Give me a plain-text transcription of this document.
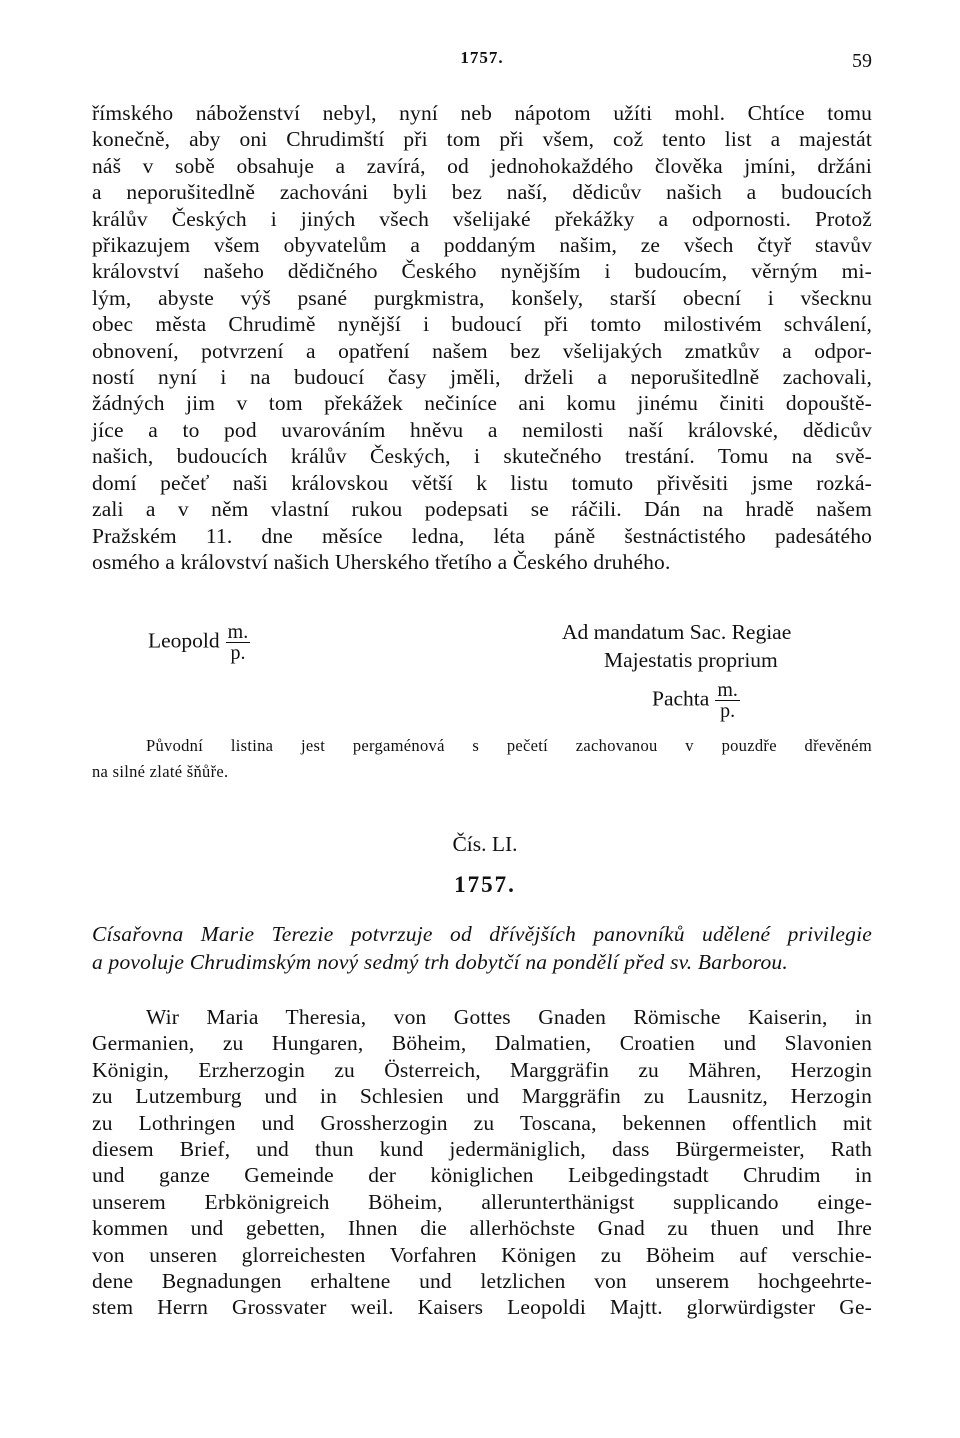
1757.	59
římského náboženství nebyl, nyní neb nápotom užíti mohl. Chtíce tomu
konečně, aby oni Chrudimští při tom při všem, což tento list a majestát
náš v sobě obsahuje a zavírá, od jednohokaždého člověka jmíni, držáni
a neporušitedlně zachováni byli bez naší, dědicův našich a budoucích
králův Českých i jiných všech všelijaké překážky a odpornosti. Protož
přikazujem všem obyvatelům a poddaným našim, ze všech čtyř stavův
království našeho dědičného Českého nynějším i budoucím, věrným mi-
lým, abyste výš psané purgkmistra, konšely, starší obecní i všecknu
obec města Chrudimě nynější i budoucí při tomto milostivém schválení,
obnovení, potvrzení a opatření našem bez všelijakých zmatkův a odpor-
ností nyní i na budoucí časy jměli, drželi a neporušitedlně zachovali,
žádných jim v tom překážek nečiníce ani komu jinému činiti dopouště-
jíce a to pod uvarováním hněvu a nemilosti naší královské, dědicův
našich, budoucích králův Českých, i skutečného trestání. Tomu na svě-
domí pečeť naši královskou větší k listu tomuto přivěsiti jsme rozká-
zali a v něm vlastní rukou podepsati se ráčili. Dán na hradě našem
Pražském 11. dne měsíce ledna, léta páně šestnáctistého padesátého
osmého a království našich Uherského třetího a Českého druhého.
Leopold $\frac{m.}{p.}$	Ad mandatum Sac. Regiae
Majestatis proprium
Pachta $\frac{m.}{p.}$
Původní listina jest pergaménová s pečetí zachovanou v pouzdře dřevěném
na silné zlaté šňůře.
Čís. LI.
1757.
Císařovna Marie Terezie potvrzuje od dřívějších panovníků udělené privilegie
a povoluje Chrudimským nový sedmý trh dobytčí na pondělí před sv. Barborou.
Wir Maria Theresia, von Gottes Gnaden Römische Kaiserin, in
Germanien, zu Hungaren, Böheim, Dalmatien, Croatien und Slavonien
Königin, Erzherzogin zu Österreich, Marggräfin zu Mähren, Herzogin
zu Lutzemburg und in Schlesien und Marggräfin zu Lausnitz, Herzogin
zu Lothringen und Grossherzogin zu Toscana, bekennen offentlich mit
diesem Brief, und thun kund jedermäniglich, dass Bürgermeister, Rath
und ganze Gemeinde der königlichen Leibgedingstadt Chrudim in
unserem Erbkönigreich Böheim, allerunterthänigst supplicando einge-
kommen und gebetten, Ihnen die allerhöchste Gnad zu thuen und Ihre
von unseren glorreichesten Vorfahren Königen zu Böheim auf verschie-
dene Begnadungen erhaltene und letzlichen von unserem hochgeehrte-
stem Herrn Grossvater weil. Kaisers Leopoldi Majtt. glorwürdigster Ge-
